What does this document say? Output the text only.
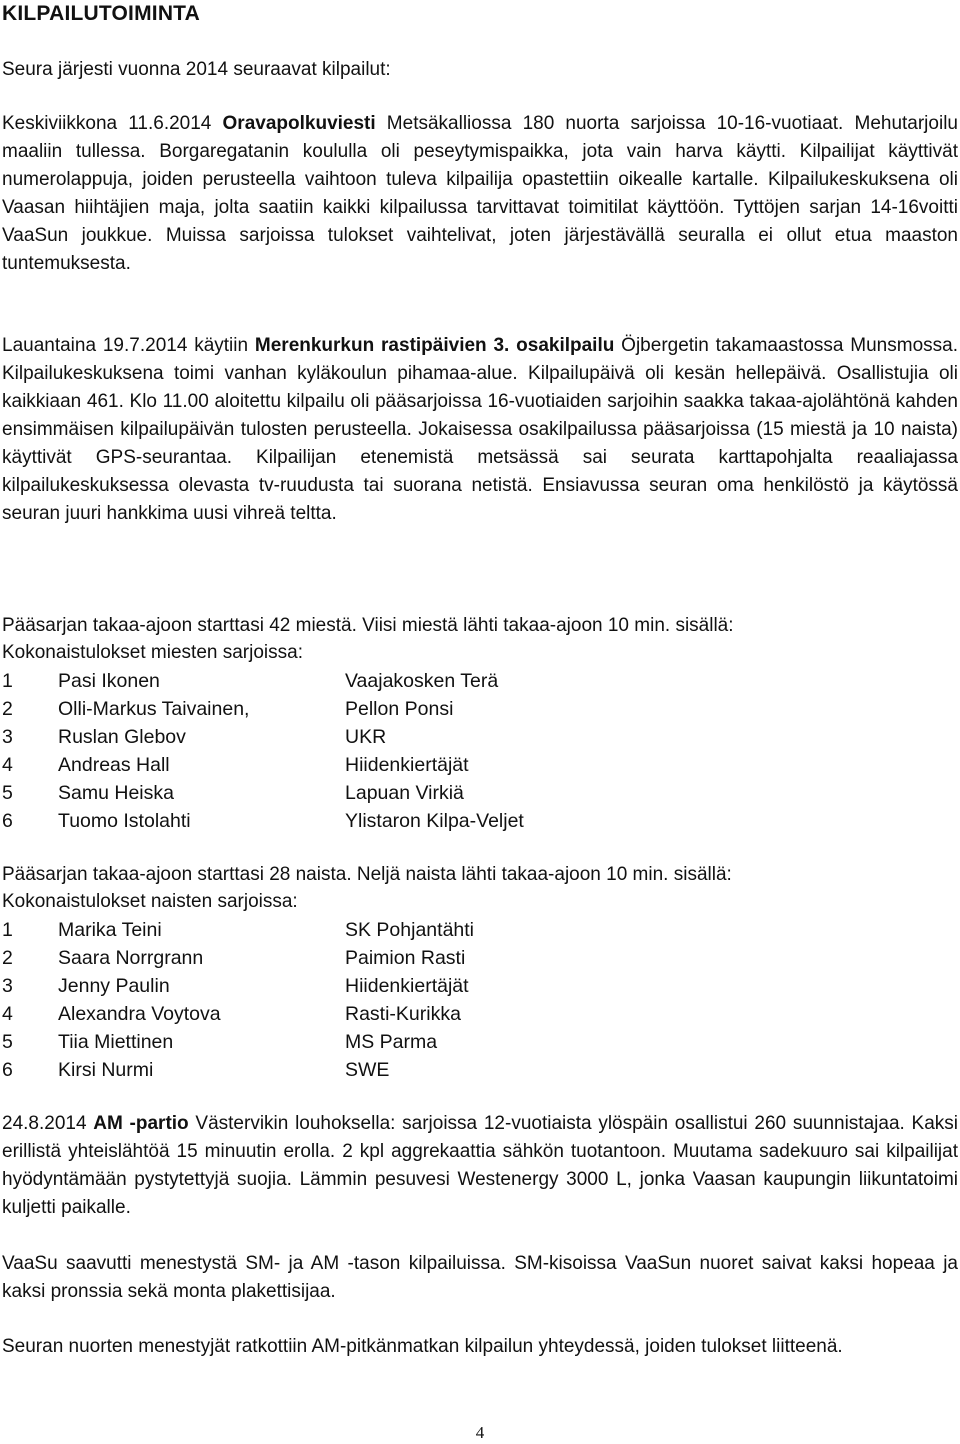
KILPAILUTOIMINTA

Seura järjesti vuonna 2014 seuraavat kilpailut:

Keskiviikkona 11.6.2014 Oravapolkuviesti Metsäkalliossa 180 nuorta sarjoissa 10-16-vuotiaat. Mehutarjoilu maaliin tullessa. Borgaregatanin koululla oli peseytymispaikka, jota vain harva käytti. Kilpailijat käyttivät numerolappuja, joiden perusteella vaihtoon tuleva kilpailija opastettiin oikealle kartalle. Kilpailukeskuksena oli Vaasan hiihtäjien maja, jolta saatiin kaikki kilpailussa tarvittavat toimitilat käyttöön. Tyttöjen sarjan 14-16voitti VaaSun joukkue. Muissa sarjoissa tulokset vaihtelivat, joten järjestävällä seuralla ei ollut etua maaston tuntemuksesta.

Lauantaina 19.7.2014 käytiin Merenkurkun rastipäivien 3. osakilpailu Öjbergetin takamaastossa Munsmossa. Kilpailukeskuksena toimi vanhan kyläkoulun pihamaa-alue. Kilpailupäivä oli kesän hellepäivä. Osallistujia oli kaikkiaan 461. Klo 11.00 aloitettu kilpailu oli pääsarjoissa 16-vuotiaiden sarjoihin saakka takaa-ajolähtönä kahden ensimmäisen kilpailupäivän tulosten perusteella. Jokaisessa osakilpailussa pääsarjoissa (15 miestä ja 10 naista) käyttivät GPS-seurantaa. Kilpailijan etenemistä metsässä sai seurata karttapohjalta reaaliajassa kilpailukeskuksessa olevasta tv-ruudusta tai suorana netistä. Ensiavussa seuran oma henkilöstö ja käytössä seuran juuri hankkima uusi vihreä teltta.

Pääsarjan takaa-ajoon starttasi 42 miestä. Viisi miestä lähti takaa-ajoon 10 min. sisällä:

Kokonaistulokset miesten sarjoissa:

1 Pasi Ikonen	Vaajakosken Terä
2 Olli-Markus Taivainen,	Pellon Ponsi
3 Ruslan Glebov	UKR
4 Andreas Hall	Hiidenkiertäjät
5 Samu Heiska	Lapuan Virkiä
6 Tuomo Istolahti	Ylistaron Kilpa-Veljet

Pääsarjan takaa-ajoon starttasi 28 naista. Neljä naista lähti takaa-ajoon 10 min. sisällä:

Kokonaistulokset naisten sarjoissa:

1 Marika Teini	SK Pohjantähti
2 Saara Norrgrann	Paimion Rasti
3 Jenny Paulin	Hiidenkiertäjät
4 Alexandra Voytova	Rasti-Kurikka
5 Tiia Miettinen	MS Parma
6 Kirsi Nurmi	SWE

24.8.2014 AM -partio Västervikin louhoksella: sarjoissa 12-vuotiaista ylöspäin osallistui 260 suunnistajaa. Kaksi erillistä yhteislähtöä 15 minuutin erolla. 2 kpl aggrekaattia sähkön tuotantoon. Muutama sadekuuro sai kilpailijat hyödyntämään pystytettyjä suojia. Lämmin pesuvesi Westenergy 3000 L, jonka Vaasan kaupungin liikuntatoimi kuljetti paikalle.

VaaSu saavutti menestystä SM- ja AM -tason kilpailuissa. SM-kisoissa VaaSun nuoret saivat kaksi hopeaa ja kaksi pronssia sekä monta plakettisijaa.

Seuran nuorten menestyjät ratkottiin AM-pitkänmatkan kilpailun yhteydessä, joiden tulokset liitteenä.

4
